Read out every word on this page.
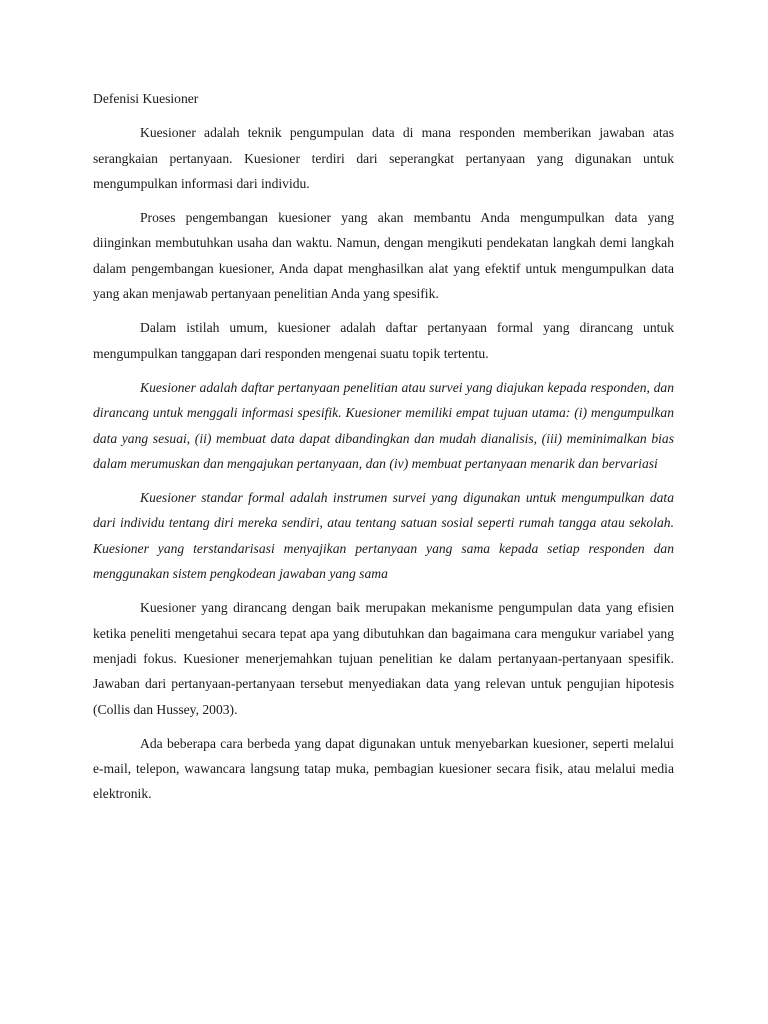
Defenisi Kuesioner

Kuesioner adalah teknik pengumpulan data di mana responden memberikan jawaban atas serangkaian pertanyaan. Kuesioner terdiri dari seperangkat pertanyaan yang digunakan untuk mengumpulkan informasi dari individu.

Proses pengembangan kuesioner yang akan membantu Anda mengumpulkan data yang diinginkan membutuhkan usaha dan waktu. Namun, dengan mengikuti pendekatan langkah demi langkah dalam pengembangan kuesioner, Anda dapat menghasilkan alat yang efektif untuk mengumpulkan data yang akan menjawab pertanyaan penelitian Anda yang spesifik.

Dalam istilah umum, kuesioner adalah daftar pertanyaan formal yang dirancang untuk mengumpulkan tanggapan dari responden mengenai suatu topik tertentu.

Kuesioner adalah daftar pertanyaan penelitian atau survei yang diajukan kepada responden, dan dirancang untuk menggali informasi spesifik. Kuesioner memiliki empat tujuan utama: (i) mengumpulkan data yang sesuai, (ii) membuat data dapat dibandingkan dan mudah dianalisis, (iii) meminimalkan bias dalam merumuskan dan mengajukan pertanyaan, dan (iv) membuat pertanyaan menarik dan bervariasi

Kuesioner standar formal adalah instrumen survei yang digunakan untuk mengumpulkan data dari individu tentang diri mereka sendiri, atau tentang satuan sosial seperti rumah tangga atau sekolah. Kuesioner yang terstandarisasi menyajikan pertanyaan yang sama kepada setiap responden dan menggunakan sistem pengkodean jawaban yang sama

Kuesioner yang dirancang dengan baik merupakan mekanisme pengumpulan data yang efisien ketika peneliti mengetahui secara tepat apa yang dibutuhkan dan bagaimana cara mengukur variabel yang menjadi fokus. Kuesioner menerjemahkan tujuan penelitian ke dalam pertanyaan-pertanyaan spesifik. Jawaban dari pertanyaan-pertanyaan tersebut menyediakan data yang relevan untuk pengujian hipotesis (Collis dan Hussey, 2003).

Ada beberapa cara berbeda yang dapat digunakan untuk menyebarkan kuesioner, seperti melalui e-mail, telepon, wawancara langsung tatap muka, pembagian kuesioner secara fisik, atau melalui media elektronik.
